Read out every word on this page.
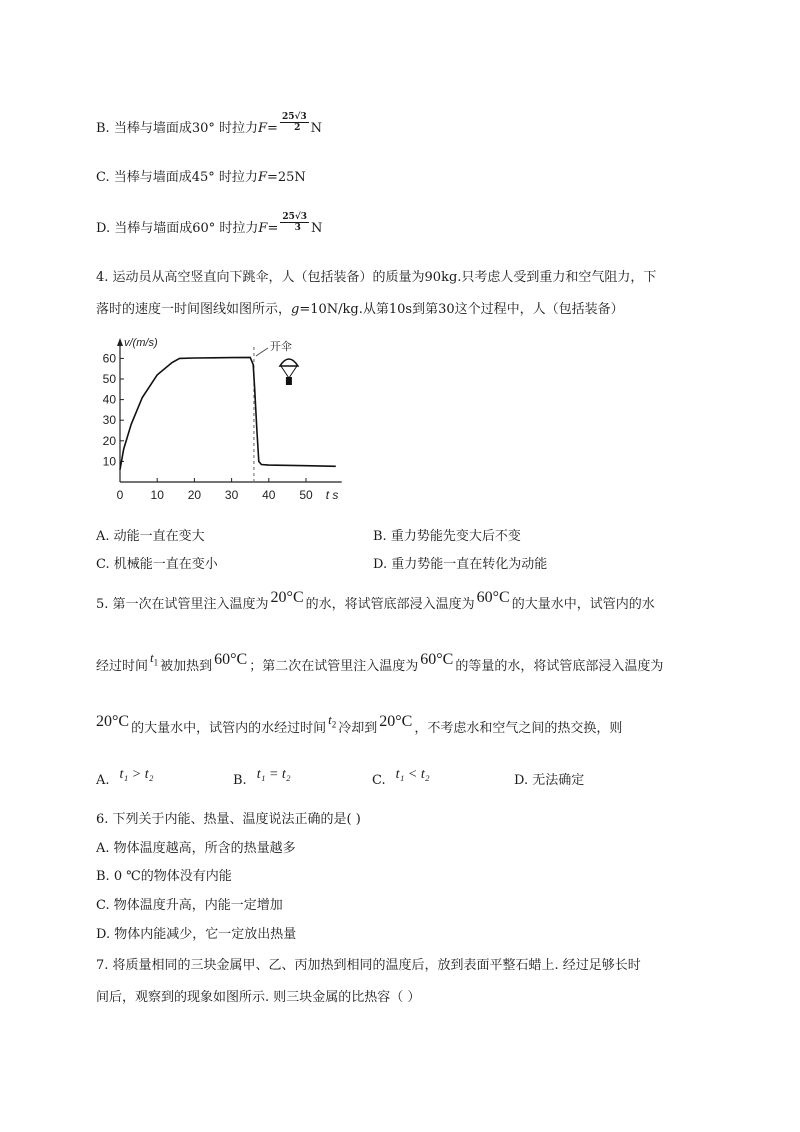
B. 当棒与墙面成30° 时拉力$F= \frac{25√3}{2}$ N
C. 当棒与墙面成45° 时拉力F=25N
D. 当棒与墙面成60° 时拉力$F= \frac{25√3}{3}$ N
4. 运动员从高空竖直向下跳伞，人（包括装备）的质量为90kg.只考虑人受到重力和空气阻力，下
落时的速度一时间图线如图所示，g=10N/kg.从第10s到第30这个过程中，人（包括装备）
10
20
30
40
50
60
0 10 20 30 40 50
v/(m/s)
t s
开伞
A. 动能一直在变大	B. 重力势能先变大后不变
C. 机械能一直在变小	D. 重力势能一直在转化为动能
5. 第一次在试管里注入温度为 20°C 的水，将试管底部浸入温度为 60°C 的大量水中，试管内的水
经过时间$t_1$ 被加热到 60°C ；第二次在试管里注入温度为 60°C 的等量的水，将试管底部浸入温度为
20°C 的大量水中，试管内的水经过时间$t_2$ 冷却到 20°C ，不考虑水和空气之间的热交换，则
A. t₁ > t₂	B. t₁ = t₂	C. t₁ < t₂	D. 无法确定
6. 下列关于内能、热量、温度说法正确的是( )
A. 物体温度越高，所含的热量越多
B. 0 ℃的物体没有内能
C. 物体温度升高，内能一定增加
D. 物体内能减少，它一定放出热量
7. 将质量相同的三块金属甲、乙、丙加热到相同的温度后，放到表面平整石蜡上. 经过足够长时
间后，观察到的现象如图所示. 则三块金属的比热容（ ）
